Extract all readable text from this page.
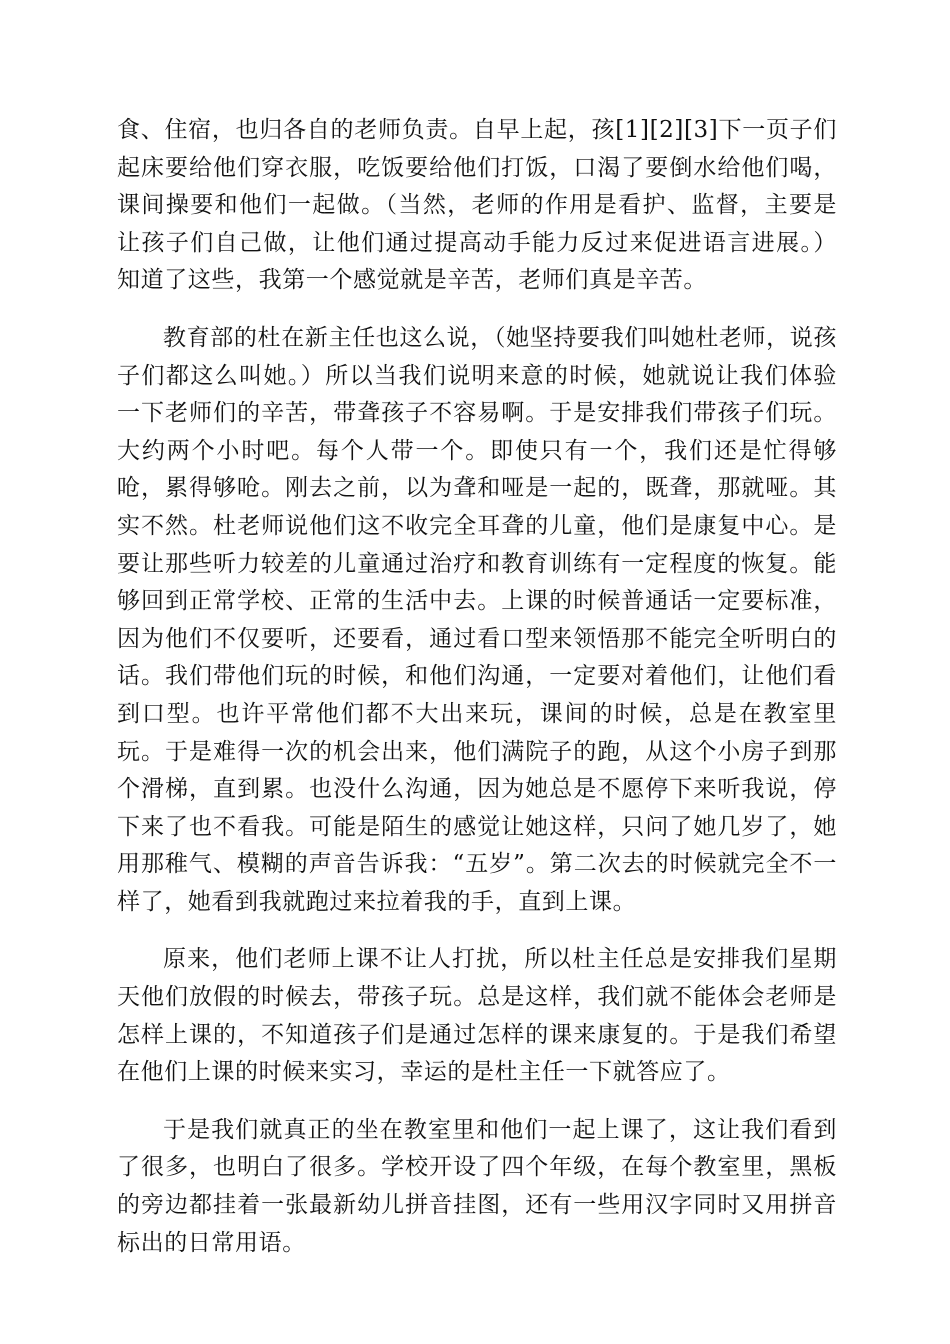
食、住宿，也归各自的老师负责。自早上起，孩[1][2][3]下一页子们起床要给他们穿衣服，吃饭要给他们打饭，口渴了要倒水给他们喝，课间操要和他们一起做。（当然，老师的作用是看护、监督，主要是让孩子们自己做，让他们通过提高动手能力反过来促进语言进展。）知道了这些，我第一个感觉就是辛苦，老师们真是辛苦。

教育部的杜在新主任也这么说，（她坚持要我们叫她杜老师，说孩子们都这么叫她。）所以当我们说明来意的时候，她就说让我们体验一下老师们的辛苦，带聋孩子不容易啊。于是安排我们带孩子们玩。大约两个小时吧。每个人带一个。即使只有一个，我们还是忙得够呛，累得够呛。刚去之前，以为聋和哑是一起的，既聋，那就哑。其实不然。杜老师说他们这不收完全耳聋的儿童，他们是康复中心。是要让那些听力较差的儿童通过治疗和教育训练有一定程度的恢复。能够回到正常学校、正常的生活中去。上课的时候普通话一定要标准，因为他们不仅要听，还要看，通过看口型来领悟那不能完全听明白的话。我们带他们玩的时候，和他们沟通，一定要对着他们，让他们看到口型。也许平常他们都不大出来玩，课间的时候，总是在教室里玩。于是难得一次的机会出来，他们满院子的跑，从这个小房子到那个滑梯，直到累。也没什么沟通，因为她总是不愿停下来听我说，停下来了也不看我。可能是陌生的感觉让她这样，只问了她几岁了，她用那稚气、模糊的声音告诉我：“五岁”。第二次去的时候就完全不一样了，她看到我就跑过来拉着我的手，直到上课。

原来，他们老师上课不让人打扰，所以杜主任总是安排我们星期天他们放假的时候去，带孩子玩。总是这样，我们就不能体会老师是怎样上课的，不知道孩子们是通过怎样的课来康复的。于是我们希望在他们上课的时候来实习，幸运的是杜主任一下就答应了。

于是我们就真正的坐在教室里和他们一起上课了，这让我们看到了很多，也明白了很多。学校开设了四个年级，在每个教室里，黑板的旁边都挂着一张最新幼儿拼音挂图，还有一些用汉字同时又用拼音标出的日常用语。
